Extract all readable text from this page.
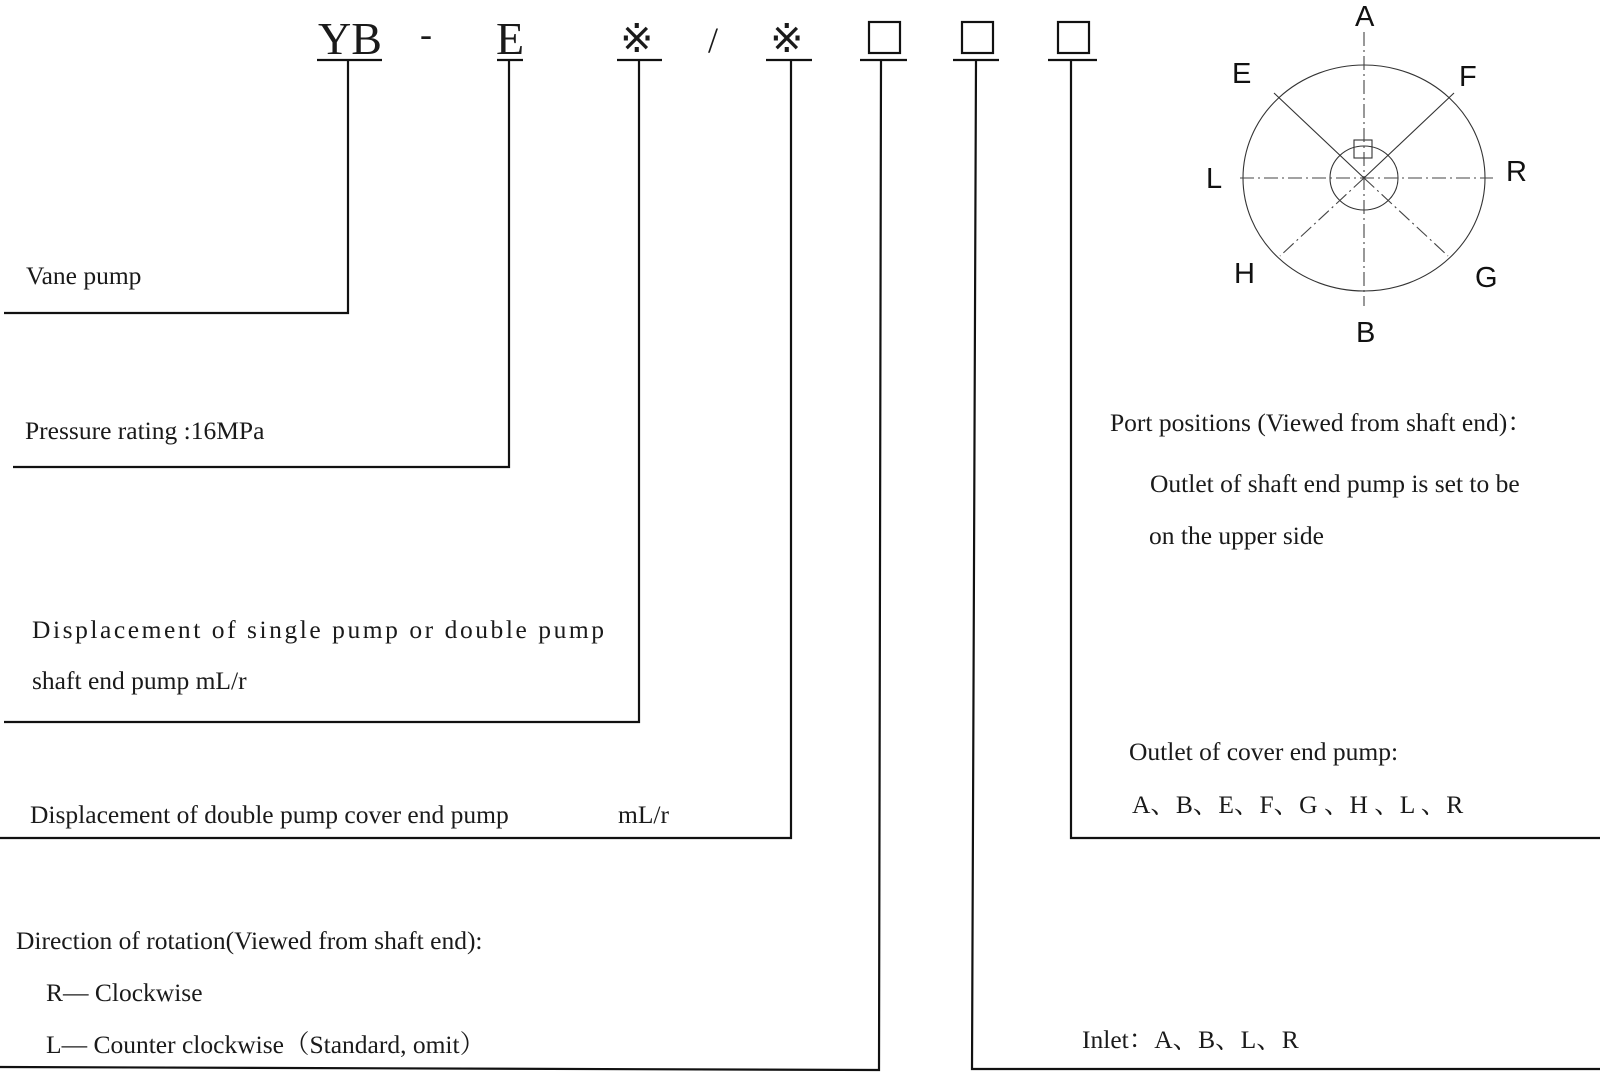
YB - E ※ / ※
Vane pump
Pressure rating :16MPa
Displacement of single pump or double pump
shaft end pump mL/r
Displacement of double pump cover end pump	mL/r
Direction of rotation(Viewed from shaft end):
R— Clockwise
L— Counter clockwise（Standard, omit）	Inlet：A、B、L、R
Outlet of cover end pump:
A、B、E、F、G 、H 、L 、R
Port positions (Viewed from shaft end)：
Outlet of shaft end pump is set to be
on the upper side
A
B
E	F
G
H
L	R
